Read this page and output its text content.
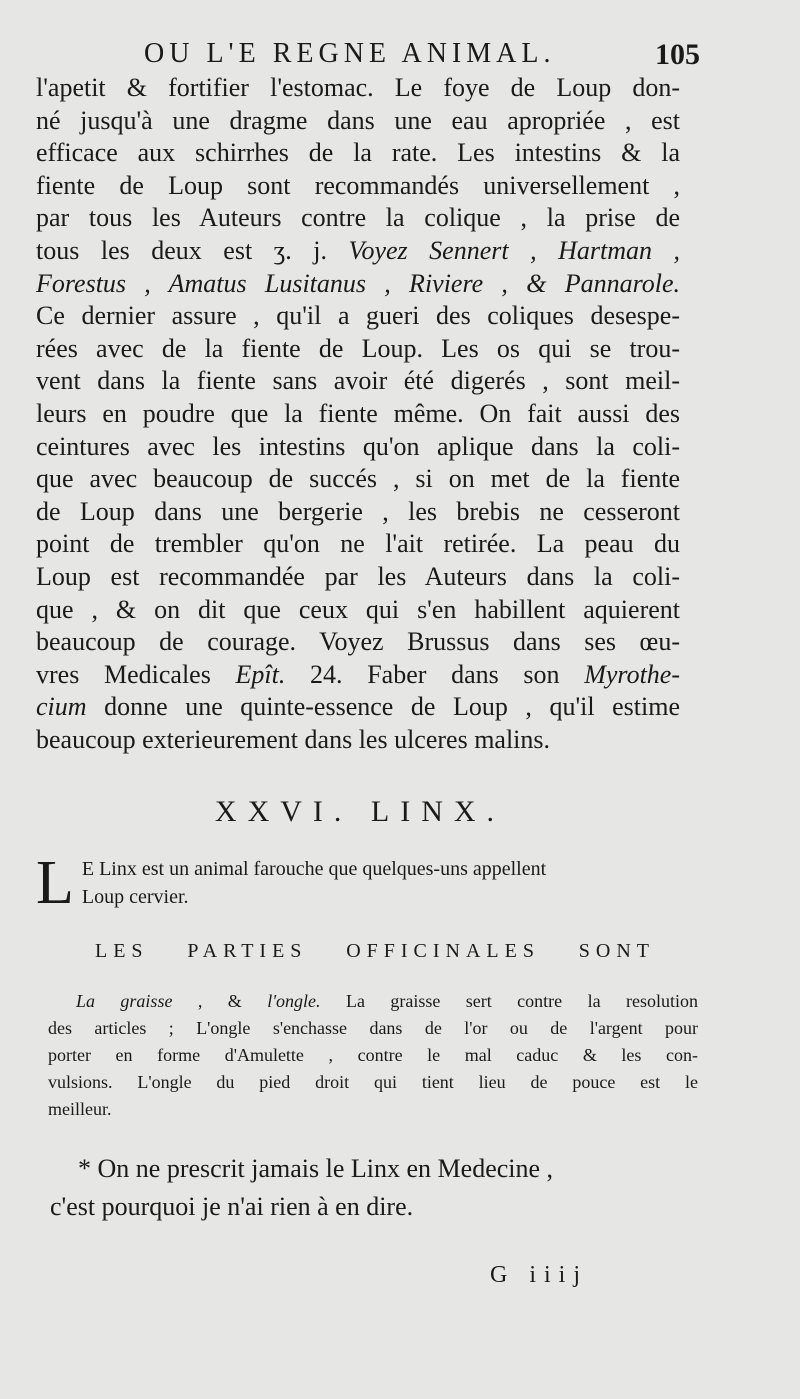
OU L'E REGNE ANIMAL.	105
l'apetit & fortifier l'estomac. Le foye de Loup don-
né jusqu'à une dragme dans une eau apropriée , est
efficace aux schirrhes de la rate. Les intestins & la
fiente de Loup sont recommandés universellement ,
par tous les Auteurs contre la colique , la prise de
tous les deux est ʒ. j. Voyez Sennert , Hartman ,
Forestus , Amatus Lusitanus , Riviere , & Pannarole.
Ce dernier assure , qu'il a gueri des coliques desespe-
rées avec de la fiente de Loup. Les os qui se trou-
vent dans la fiente sans avoir été digerés , sont meil-
leurs en poudre que la fiente même. On fait aussi des
ceintures avec les intestins qu'on aplique dans la coli-
que avec beaucoup de succés , si on met de la fiente
de Loup dans une bergerie , les brebis ne cesseront
point de trembler qu'on ne l'ait retirée. La peau du
Loup est recommandée par les Auteurs dans la coli-
que , & on dit que ceux qui s'en habillent aquierent
beaucoup de courage. Voyez Brussus dans ses œu-
vres Medicales Epît. 24. Faber dans son Myrothe-
cium donne une quinte-essence de Loup , qu'il estime
beaucoup exterieurement dans les ulceres malins.
XXVI. LINX.
L E Linx est un animal farouche que quelques-uns appellent
Loup cervier.
LES PARTIES OFFICINALES SONT
La graisse , & l'ongle. La graisse sert contre la resolution
des articles ; L'ongle s'enchasse dans de l'or ou de l'argent pour
porter en forme d'Amulette , contre le mal caduc & les con-
vulsions. L'ongle du pied droit qui tient lieu de pouce est le
meilleur.
* On ne prescrit jamais le Linx en Medecine ,
c'est pourquoi je n'ai rien à en dire.
G iiij
